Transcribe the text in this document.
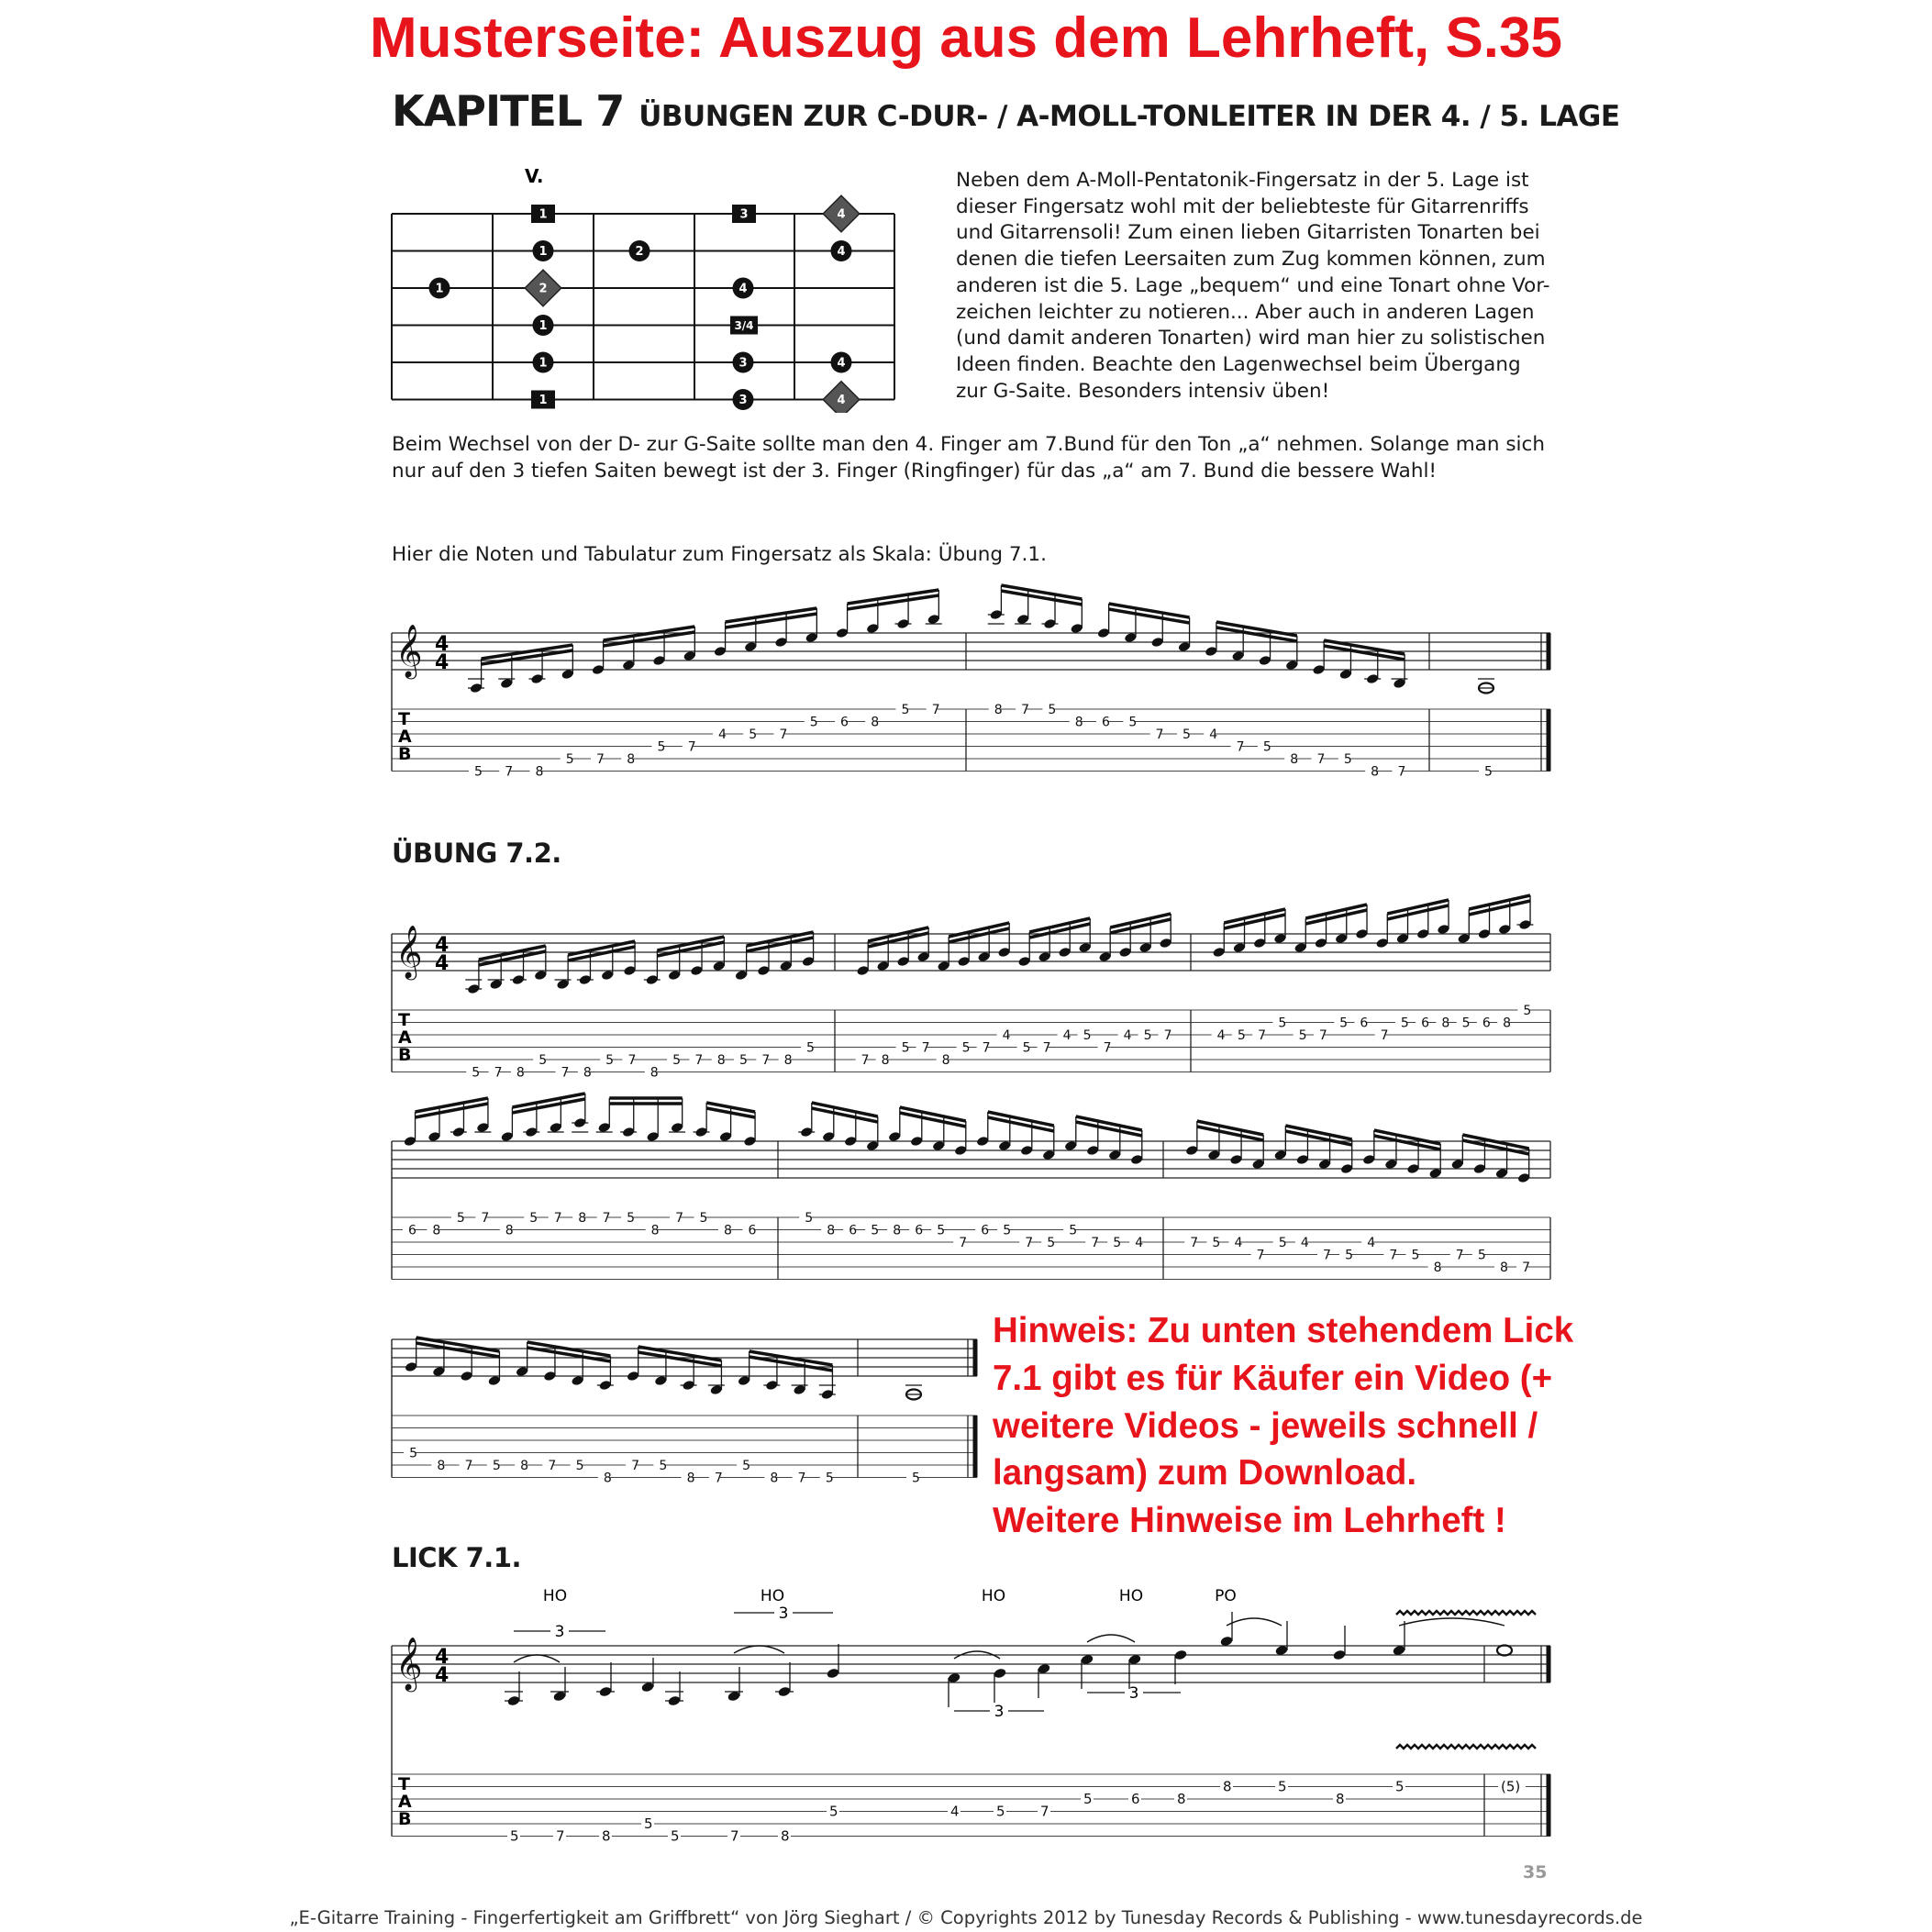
Musterseite: Auszug aus dem Lehrheft, S.35
KAPITEL 7 ÜBUNGEN ZUR C-DUR- / A-MOLL-TONLEITER IN DER 4. / 5. LAGE
V.
1	3	4
1	2	4
1	2	4
1	3/4
1	3	4
1	3	4
Neben dem A-Moll-Pentatonik-Fingersatz in der 5. Lage ist
dieser Fingersatz wohl mit der beliebteste für Gitarrenriffs
und Gitarrensoli! Zum einen lieben Gitarristen Tonarten bei
denen die tiefen Leersaiten zum Zug kommen können, zum
anderen ist die 5. Lage „bequem“ und eine Tonart ohne Vor-
zeichen leichter zu notieren... Aber auch in anderen Lagen
(und damit anderen Tonarten) wird man hier zu solistischen
Ideen finden. Beachte den Lagenwechsel beim Übergang
zur G-Saite. Besonders intensiv üben!
Beim Wechsel von der D- zur G-Saite sollte man den 4. Finger am 7.Bund für den Ton „a“ nehmen. Solange man sich
nur auf den 3 tiefen Saiten bewegt ist der 3. Finger (Ringfinger) für das „a“ am 7. Bund die bessere Wahl!
Hier die Noten und Tabulatur zum Fingersatz als Skala: Übung 7.1.
ÜBUNG 7.2.
LICK 7.1.
Hinweis: Zu unten stehendem Lick
7.1 gibt es für Käufer ein Video (+
weitere Videos - jeweils schnell /
langsam) zum Download.
Weitere Hinweise im Lehrheft !
𝄞 4
4
T
A
B
5 7 8
5 7 8
5 7
4 5 7
5 6 8
5 7	8 7 5
8 6 5
7 5 4
7 5
8 7 5
8 7	5
𝄞 4
4
T
A
B
5 7 8
5
7 8
5 7
8
5 7 8 5 7 8
5
7 8
5 7
8
5 7
4
5 7
4 5
7
4 5 7	4 5 7
5
5 7
5 6
7
5 6 8 5 6 8
5
6 8
5 7
8
5 7 8 7 5
8
7 5
8 6
5
8 6 5 8 6 5
7
6 5
7 5
5
7 5 4	7 5 4
7
5 4
7 5
4
7 5
8
7 5
8 7
5
8 7 5 8 7 5
8
7 5
8 7
5
8 7 5	5
𝄞 4
4
T
A
B
5	7	8
5
5	7	8
5	4	5	7
5	6	8
8	5
8
5	(5)
HO	HO	HO	HO	PO
3
3
3
3
35
„E-Gitarre Training - Fingerfertigkeit am Griffbrett“ von Jörg Sieghart / © Copyrights 2012 by Tunesday Records & Publishing - www.tunesdayrecords.de
